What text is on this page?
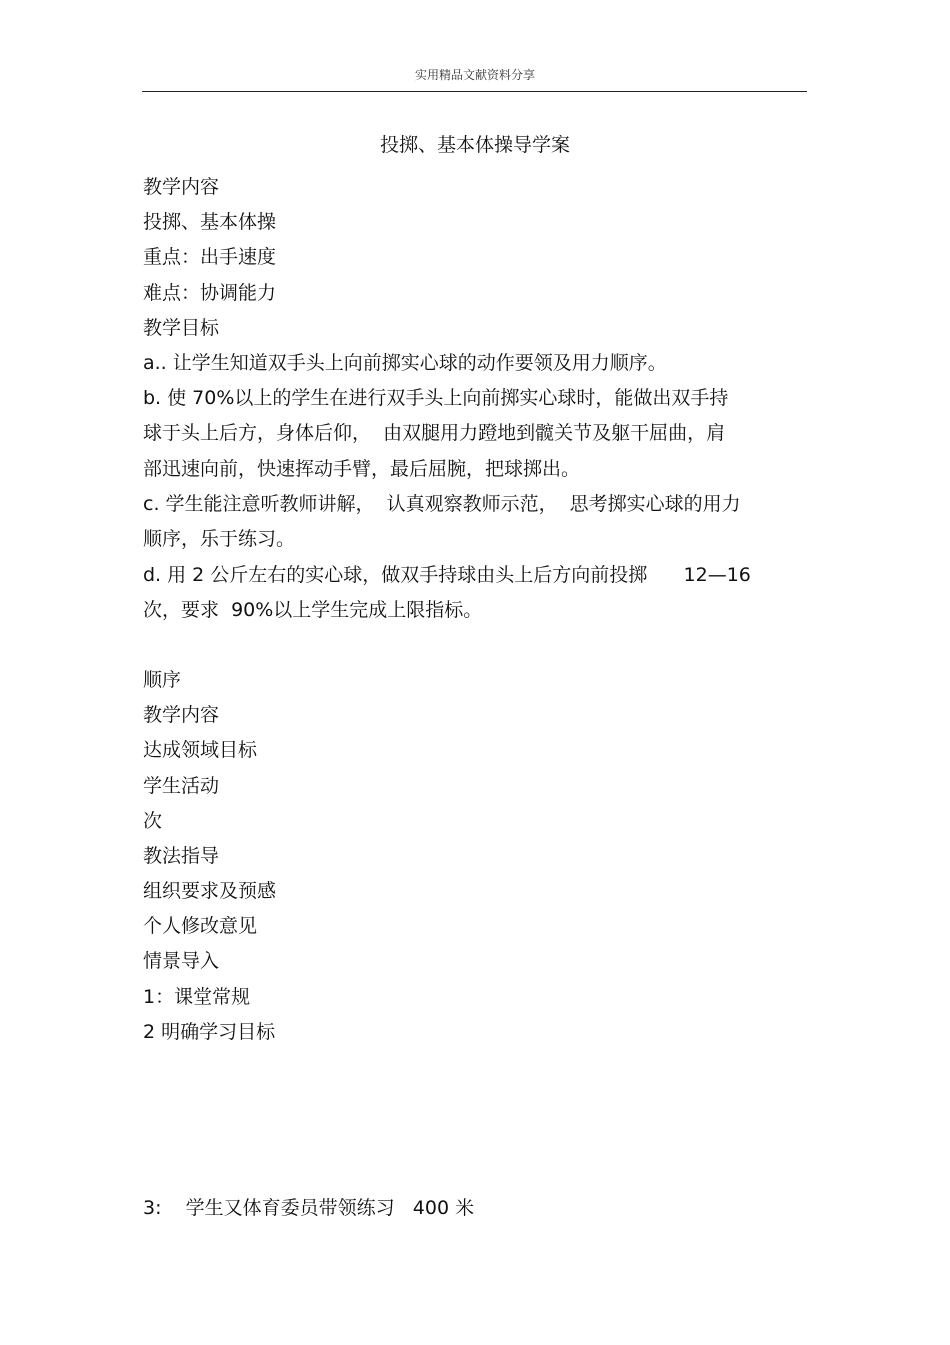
实用精品文献资料分享
投掷、基本体操导学案
教学内容
投掷、基本体操
重点：出手速度
难点：协调能力
教学目标
a.. 让学生知道双手头上向前掷实心球的动作要领及用力顺序。
b. 使 70%以上的学生在进行双手头上向前掷实心球时，能做出双手持
球于头上后方，身体后仰，  由双腿用力蹬地到髋关节及躯干屈曲，肩
部迅速向前，快速挥动手臂，最后屈腕，把球掷出。
c. 学生能注意听教师讲解，  认真观察教师示范，  思考掷实心球的用力
顺序，乐于练习。
d. 用 2 公斤左右的实心球，做双手持球由头上后方向前投掷      12—16
次，要求  90%以上学生完成上限指标。
顺序
教学内容
达成领域目标
学生活动
次
教法指导
组织要求及预感
个人修改意见
情景导入
1：课堂常规
2 明确学习目标
3:    学生又体育委员带领练习   400 米
